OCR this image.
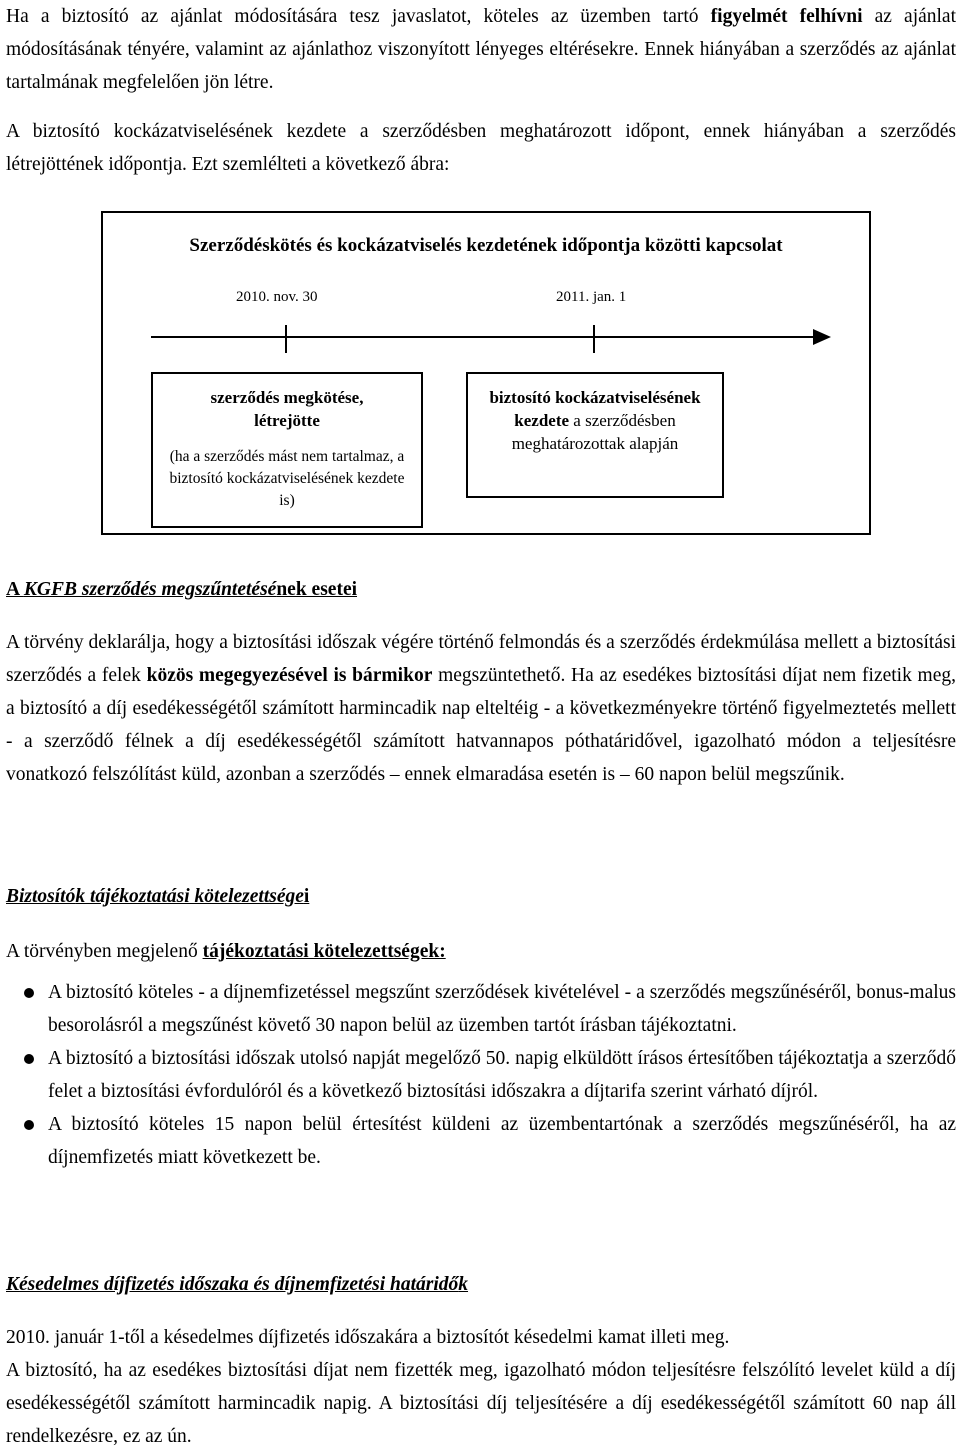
Ha a biztosító az ajánlat módosítására tesz javaslatot, köteles az üzemben tartó figyelmét felhívni az ajánlat módosításának tényére, valamint az ajánlathoz viszonyított lényeges eltérésekre. Ennek hiányában a szerződés az ajánlat tartalmának megfelelően jön létre.

A biztosító kockázatviselésének kezdete a szerződésben meghatározott időpont, ennek hiányában a szerződés létrejöttének időpontja. Ezt szemlélteti a következő ábra:

Szerződéskötés és kockázatviselés kezdetének időpontja közötti kapcsolat
2010. nov. 30	2011. jan. 1
szerződés megkötése, létrejötte
(ha a szerződés mást nem tartalmaz, a biztosító kockázatviselésének kezdete is)
biztosító kockázatviselésének kezdete a szerződésben meghatározottak alapján
A KGFB szerződés megszűntetésének esetei

A törvény deklarálja, hogy a biztosítási időszak végére történő felmondás és a szerződés érdekmúlása mellett a biztosítási szerződés a felek közös megegyezésével is bármikor megszüntethető. Ha az esedékes biztosítási díjat nem fizetik meg, a biztosító a díj esedékességétől számított harmincadik nap elteltéig - a következményekre történő figyelmeztetés mellett - a szerződő félnek a díj esedékességétől számított hatvannapos póthatáridővel, igazolható módon a teljesítésre vonatkozó felszólítást küld, azonban a szerződés – ennek elmaradása esetén is – 60 napon belül megszűnik.

Biztosítók tájékoztatási kötelezettségei

A törvényben megjelenő tájékoztatási kötelezettségek:

A biztosító köteles - a díjnemfizetéssel megszűnt szerződések kivételével - a szerződés megszűnéséről, bonus-malus besorolásról a megszűnést követő 30 napon belül az üzemben tartót írásban tájékoztatni.

A biztosító a biztosítási időszak utolsó napját megelőző 50. napig elküldött írásos értesítőben tájékoztatja a szerződő felet a biztosítási évfordulóról és a következő biztosítási időszakra a díjtarifa szerint várható díjról.

A biztosító köteles 15 napon belül értesítést küldeni az üzembentartónak a szerződés megszűnéséről, ha az díjnemfizetés miatt következett be.

Késedelmes díjfizetés időszaka és díjnemfizetési határidők

2010. január 1-től a késedelmes díjfizetés időszakára a biztosítót késedelmi kamat illeti meg.

A biztosító, ha az esedékes biztosítási díjat nem fizették meg, igazolható módon teljesítésre felszólító levelet küld a díj esedékességétől számított harmincadik napig. A biztosítási díj teljesítésére a díj esedékességétől számított 60 nap áll rendelkezésre, ez az ún.
